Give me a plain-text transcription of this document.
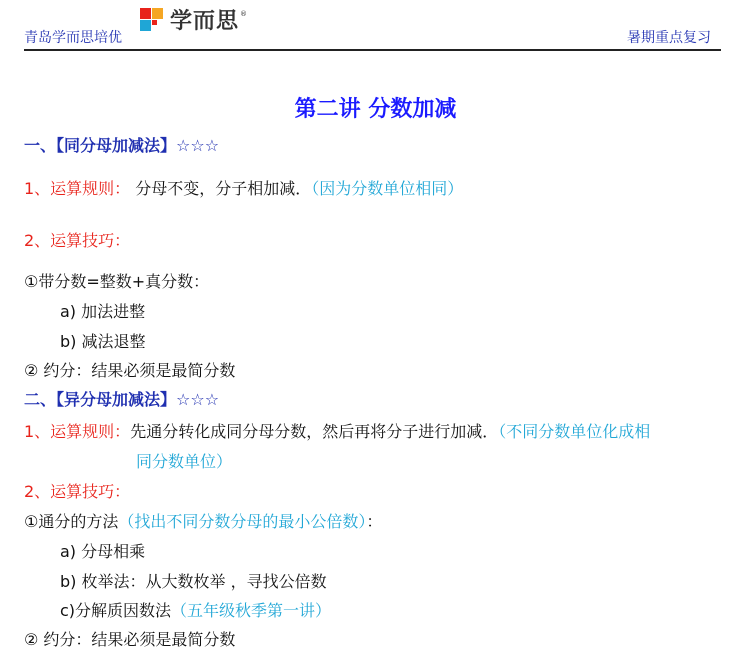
青岛学而思培优
学而思 ®
暑期重点复习
第二讲 分数加减
一、【同分母加减法】☆☆☆
1、运算规则： 分母不变，分子相加减．（因为分数单位相同）
2、运算技巧：
①带分数=整数+真分数：
a) 加法进整
b) 减法退整
② 约分：结果必须是最简分数
二、【异分母加减法】☆☆☆
1、运算规则：先通分转化成同分母分数，然后再将分子进行加减．（不同分数单位化成相
同分数单位）
2、运算技巧：
①通分的方法（找出不同分数分母的最小公倍数）：
a) 分母相乘
b) 枚举法：从大数枚举 ，寻找公倍数
c)分解质因数法（五年级秋季第一讲）
② 约分：结果必须是最简分数
